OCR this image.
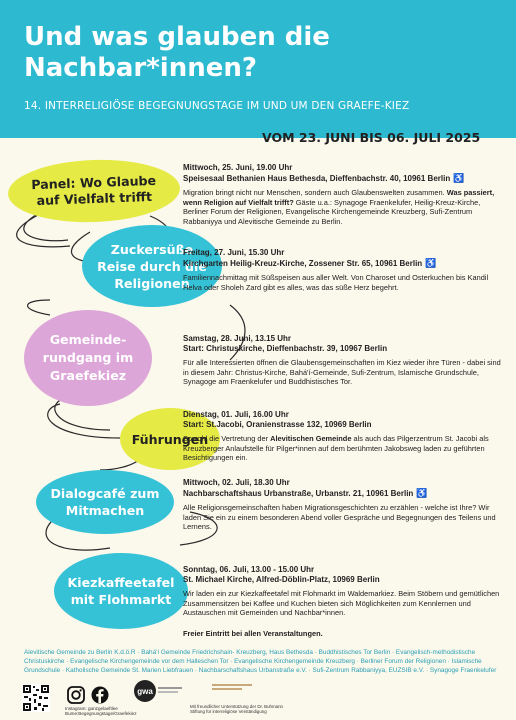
Und was glauben die Nachbar*innen?
14. INTERRELIGIÖSE BEGEGNUNGSTAGE IM UND UM DEN GRAEFE-KIEZ
VOM 23. JUNI BIS 06. JULI 2025
Panel: Wo Glaube auf Vielfalt trifft
Zuckersüße Reise durch die Religionen
Gemeinde-rundgang im Graefekiez
Führungen
Dialogcafé zum Mitmachen
Kiezkaffeetafel mit Flohmarkt
Mittwoch, 25. Juni, 19.00 Uhr
Speisesaal Bethanien Haus Bethesda, Dieffenbachstr. 40, 10961 Berlin ♿
Migration bringt nicht nur Menschen, sondern auch Glaubenswelten zusammen. Was passiert, wenn Religion auf Vielfalt trifft? Gäste u.a.: Synagoge Fraenkelufer, Heilig-Kreuz-Kirche, Berliner Forum der Religionen, Evangelische Kirchengemeinde Kreuzberg, Sufi-Zentrum Rabbaniyya und Alevitische Gemeinde zu Berlin.
Freitag, 27. Juni, 15.30 Uhr
Kirchgarten Heilig-Kreuz-Kirche, Zossener Str. 65, 10961 Berlin ♿
Familiennachmittag mit Süßspeisen aus aller Welt. Von Charoset und Osterkuchen bis Kandil Helva oder Sholeh Zard gibt es alles, was das süße Herz begehrt.
Samstag, 28. Juni, 13.15 Uhr
Start: Christuskirche, Dieffenbachstr. 39, 10967 Berlin
Für alle Interessierten öffnen die Glaubensgemeinschaften im Kiez wieder ihre Türen - dabei sind in diesem Jahr: Christus-Kirche, Bahá'í-Gemeinde, Sufi-Zentrum, Islamische Grundschule, Synagoge am Fraenkelufer und Buddhistisches Tor.
Dienstag, 01. Juli, 16.00 Uhr
Start: St.Jacobi, Oranienstrasse 132, 10969 Berlin
Sowohl die Vertretung der Alevitischen Gemeinde als auch das Pilgerzentrum St. Jacobi als Kreuzberger Anlaufstelle für Pilger*innen auf dem berühmten Jakobsweg laden zu geführten Besichtigungen ein.
Mittwoch, 02. Juli, 18.30 Uhr
Nachbarschaftshaus Urbanstraße, Urbanstr. 21, 10961 Berlin ♿
Alle Religionsgemeinschaften haben Migrationsgeschichten zu erzählen - welche ist Ihre? Wir laden Sie ein zu einem besonderen Abend voller Gespräche und Begegnungen des Teilens und Lernens.
Sonntag, 06. Juli, 13.00 - 15.00 Uhr
St. Michael Kirche, Alfred-Döblin-Platz, 10969 Berlin
Wir laden ein zur Kiezkaffeetafel mit Flohmarkt im Waldemarkiez. Beim Stöbern und gemütlichen Zusammensitzen bei Kaffee und Kuchen bieten sich Möglichkeiten zum Kennlernen und Austauschen mit Gemeinden und Nachbar*innen.
Freier Eintritt bei allen Veranstaltungen.
Alevitische Gemeinde zu Berlin K.d.ö.R · Bahá'í Gemeinde Friedrichshain- Kreuzberg, Haus Bethesda · Buddhistisches Tor Berlin · Evangelisch-methodistische Christuskirche · Evangelische Kirchengemeinde vor dem Halleschen Tor · Evangelische Kirchengemeinde Kreuzberg · Berliner Forum der Religionen · Islamische Grundschule · Katholische Gemeinde St. Marien Liebfrauen · Nachbarschaftshaus Urbanstraße e.V. · Sufi-Zentrum Rabbaniyya, EUZSIB e.V. · Synagoge Fraenkelufer
Instagram: ganzgelaeftlee Bume:Begegnungstage/Graefekiez
gwa
Mit freundlicher Unterstützung der Dr. Buhmann Stiftung für interreligiöse Verständigung
